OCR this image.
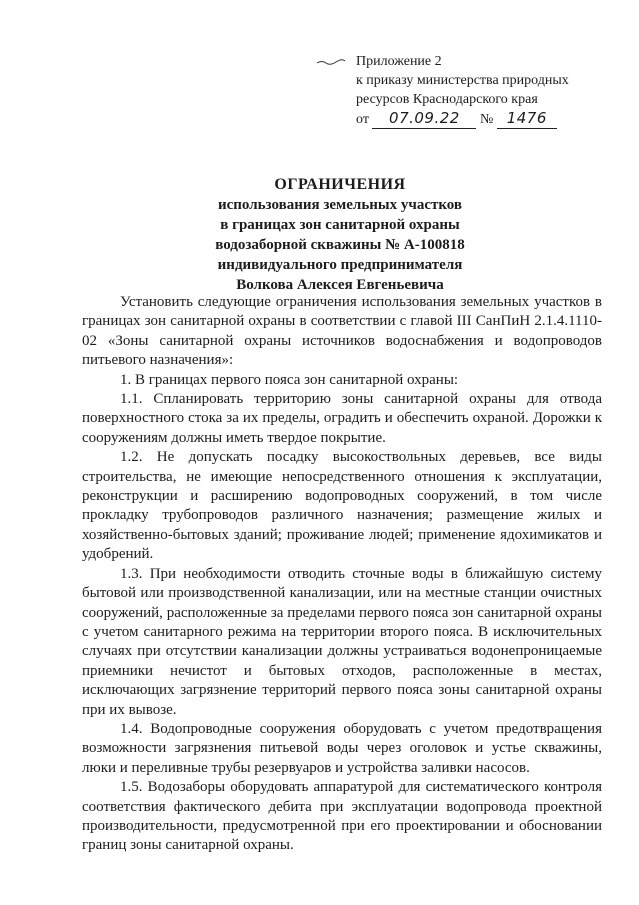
Приложение 2
к приказу министерства природных
ресурсов Краснодарского края
от 07.09.22 № 1476
ОГРАНИЧЕНИЯ
использования земельных участков
в границах зон санитарной охраны
водозаборной скважины № А-100818
индивидуального предпринимателя
Волкова Алексея Евгеньевича

Установить следующие ограничения использования земельных участков в границах зон санитарной охраны в соответствии с главой III СанПиН 2.1.4.1110-02 «Зоны санитарной охраны источников водоснабжения и водопроводов питьевого назначения»:

1. В границах первого пояса зон санитарной охраны:

1.1. Спланировать территорию зоны санитарной охраны для отвода поверхностного стока за их пределы, оградить и обеспечить охраной. Дорожки к сооружениям должны иметь твердое покрытие.

1.2. Не допускать посадку высокоствольных деревьев, все виды строительства, не имеющие непосредственного отношения к эксплуатации, реконструкции и расширению водопроводных сооружений, в том числе прокладку трубопроводов различного назначения; размещение жилых и хозяйственно-бытовых зданий; проживание людей; применение ядохимикатов и удобрений.

1.3. При необходимости отводить сточные воды в ближайшую систему бытовой или производственной канализации, или на местные станции очистных сооружений, расположенные за пределами первого пояса зон санитарной охраны с учетом санитарного режима на территории второго пояса. В исключительных случаях при отсутствии канализации должны устраиваться водонепроницаемые приемники нечистот и бытовых отходов, расположенные в местах, исключающих загрязнение территорий первого пояса зоны санитарной охраны при их вывозе.

1.4. Водопроводные сооружения оборудовать с учетом предотвращения возможности загрязнения питьевой воды через оголовок и устье скважины, люки и переливные трубы резервуаров и устройства заливки насосов.

1.5. Водозаборы оборудовать аппаратурой для систематического контроля соответствия фактического дебита при эксплуатации водопровода проектной производительности, предусмотренной при его проектировании и обосновании границ зоны санитарной охраны.
